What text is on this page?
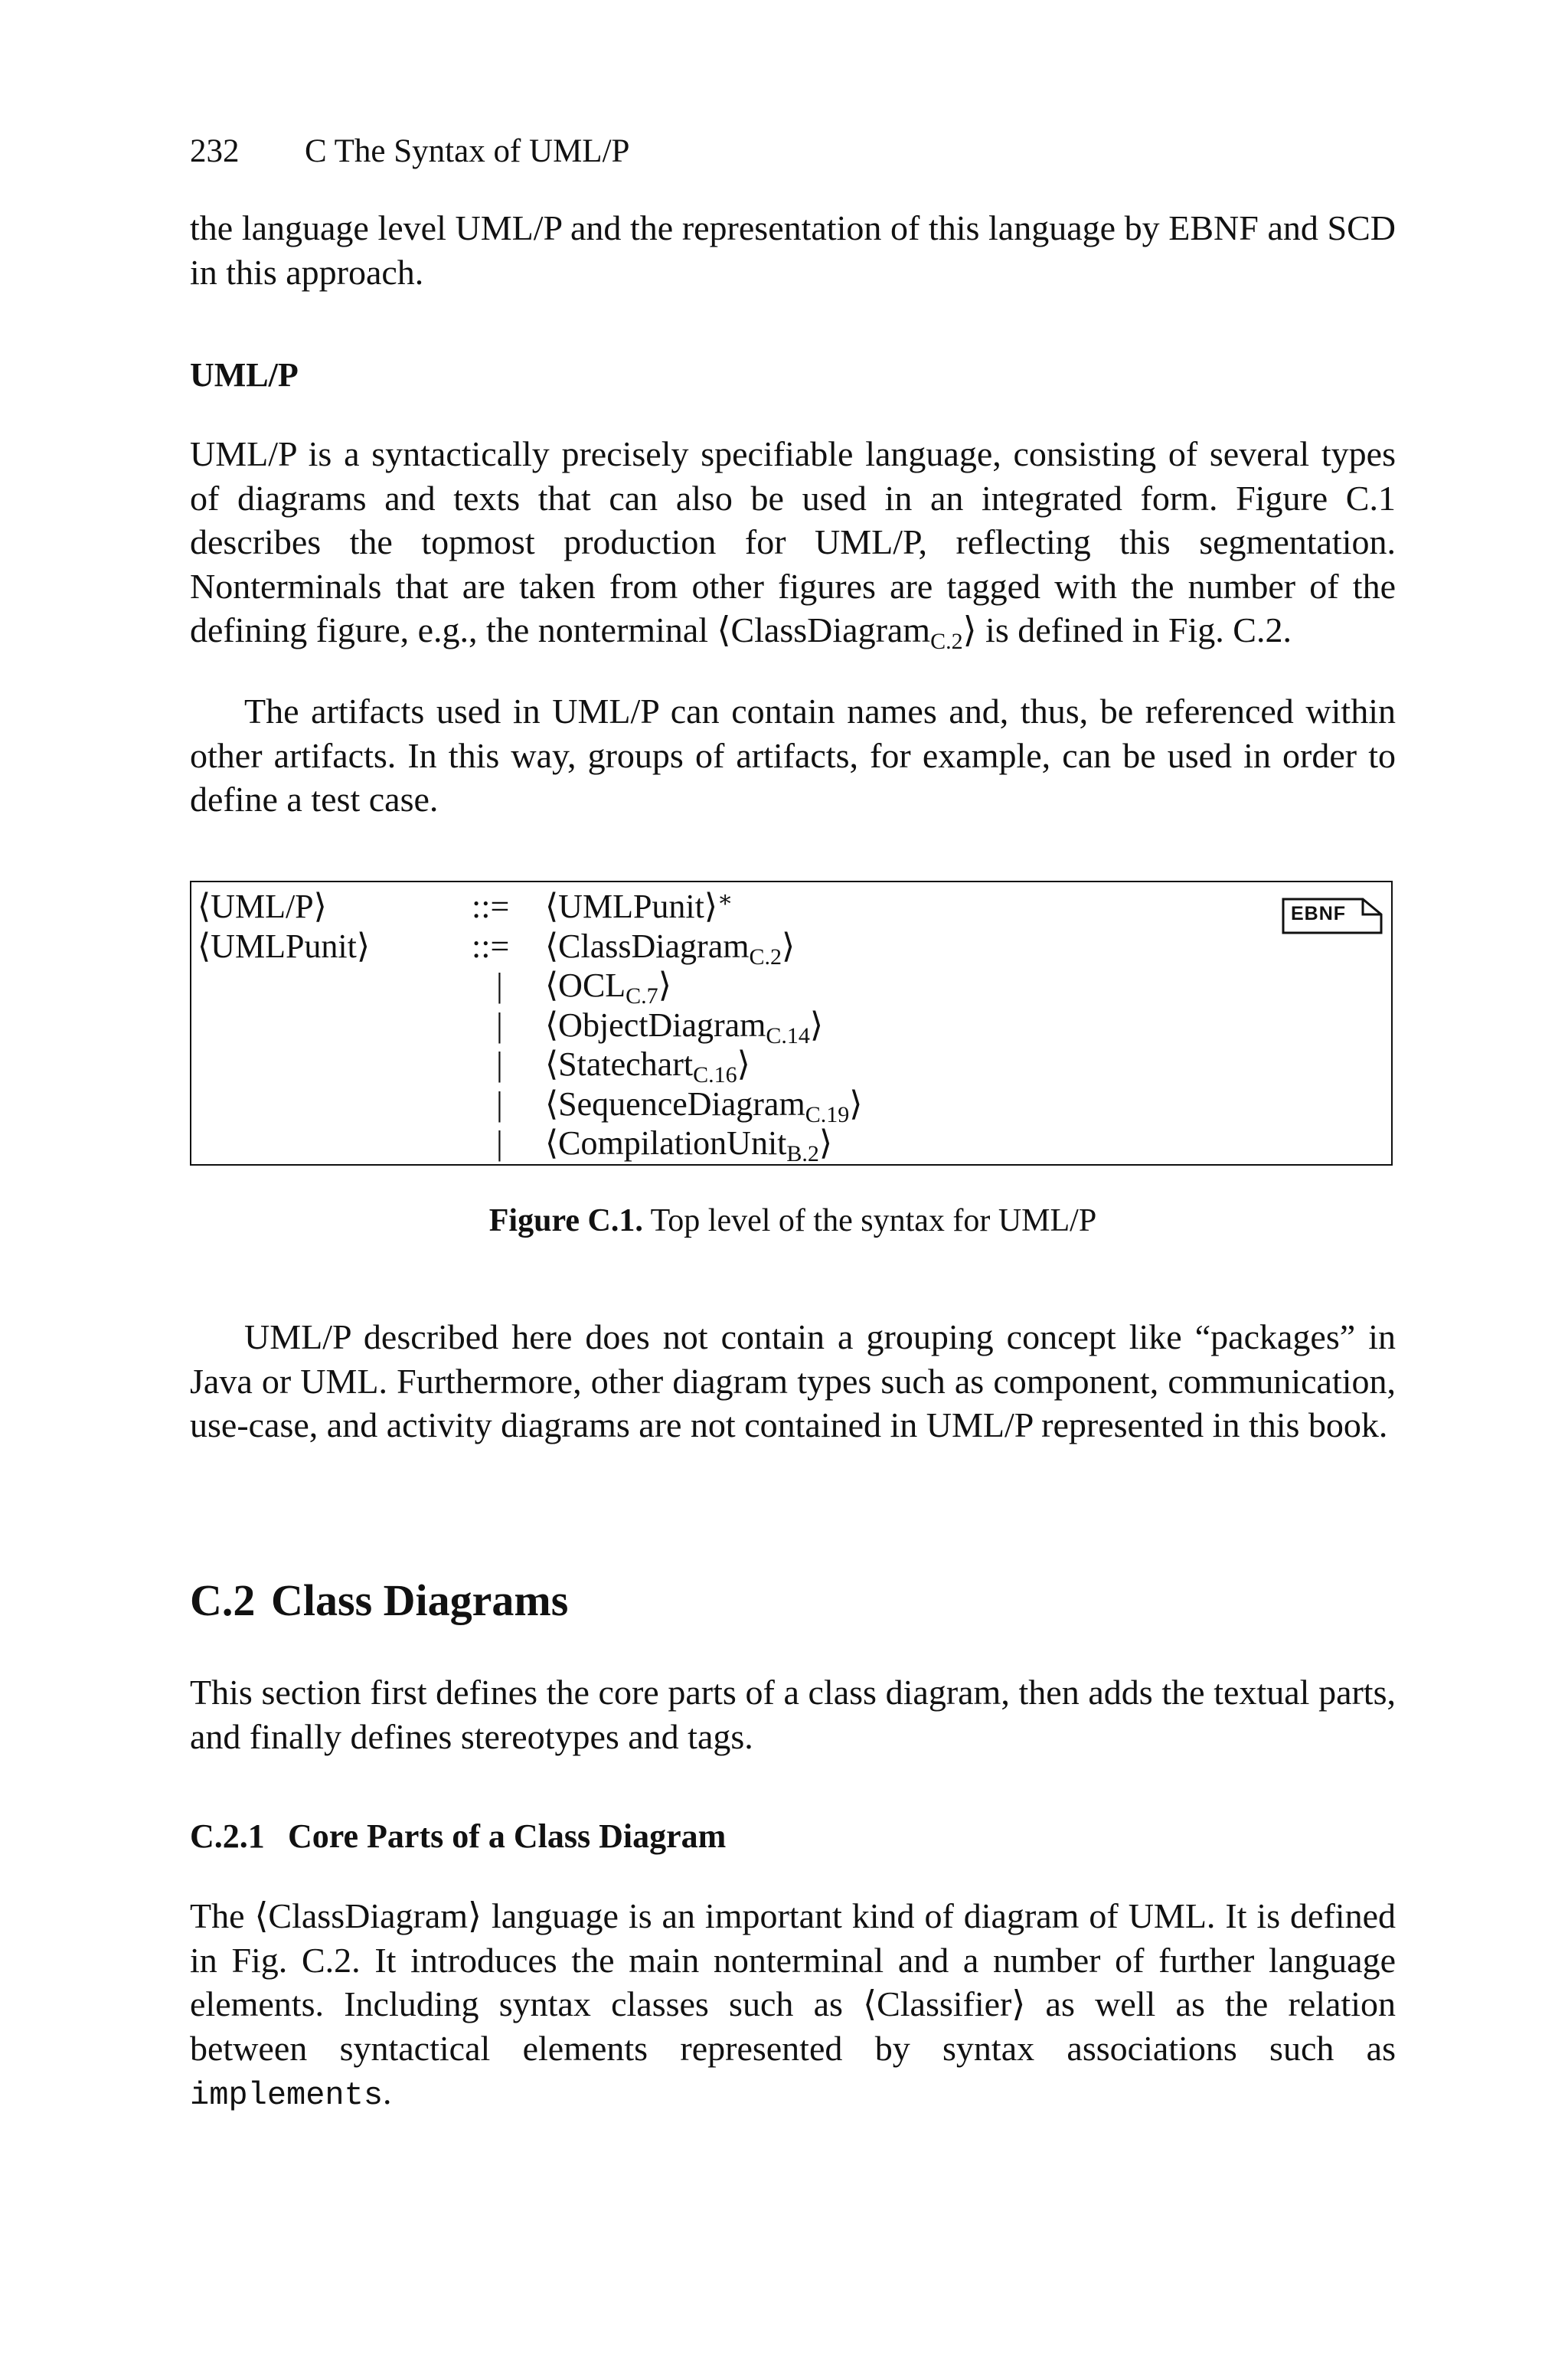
232 C The Syntax of UML/P

the language level UML/P and the representation of this language by EBNF and SCD in this approach.

UML/P

UML/P is a syntactically precisely specifiable language, consisting of several types of diagrams and texts that can also be used in an integrated form. Figure C.1 describes the topmost production for UML/P, reflecting this segmentation. Nonterminals that are taken from other figures are tagged with the number of the defining figure, e.g., the nonterminal ⟨ClassDiagramC.2⟩ is defined in Fig. C.2.

The artifacts used in UML/P can contain names and, thus, be referenced within other artifacts. In this way, groups of artifacts, for example, can be used in order to define a test case.

EBNF
⟨UML/P⟩	::= ⟨UMLPunit⟩∗
⟨UMLPunit⟩	::= ⟨ClassDiagram$_{C.2}$⟩
| $⟨OCL_{C.7}⟩$
| ⟨ObjectDiagram$_{C.14}$⟩
| ⟨Statechart$_{C.16}$⟩
| ⟨SequenceDiagram$_{C.19}$⟩
| ⟨CompilationUnit$_{B.2}$⟩
Figure C.1. Top level of the syntax for UML/P

UML/P described here does not contain a grouping concept like “packages” in Java or UML. Furthermore, other diagram types such as component, communication, use-case, and activity diagrams are not contained in UML/P represented in this book.

C.2 Class Diagrams

This section first defines the core parts of a class diagram, then adds the textual parts, and finally defines stereotypes and tags.

C.2.1 Core Parts of a Class Diagram

The ⟨ClassDiagram⟩ language is an important kind of diagram of UML. It is defined in Fig. C.2. It introduces the main nonterminal and a number of further language elements. Including syntax classes such as ⟨Classifier⟩ as well as the relation between syntactical elements represented by syntax associations such as implements.
